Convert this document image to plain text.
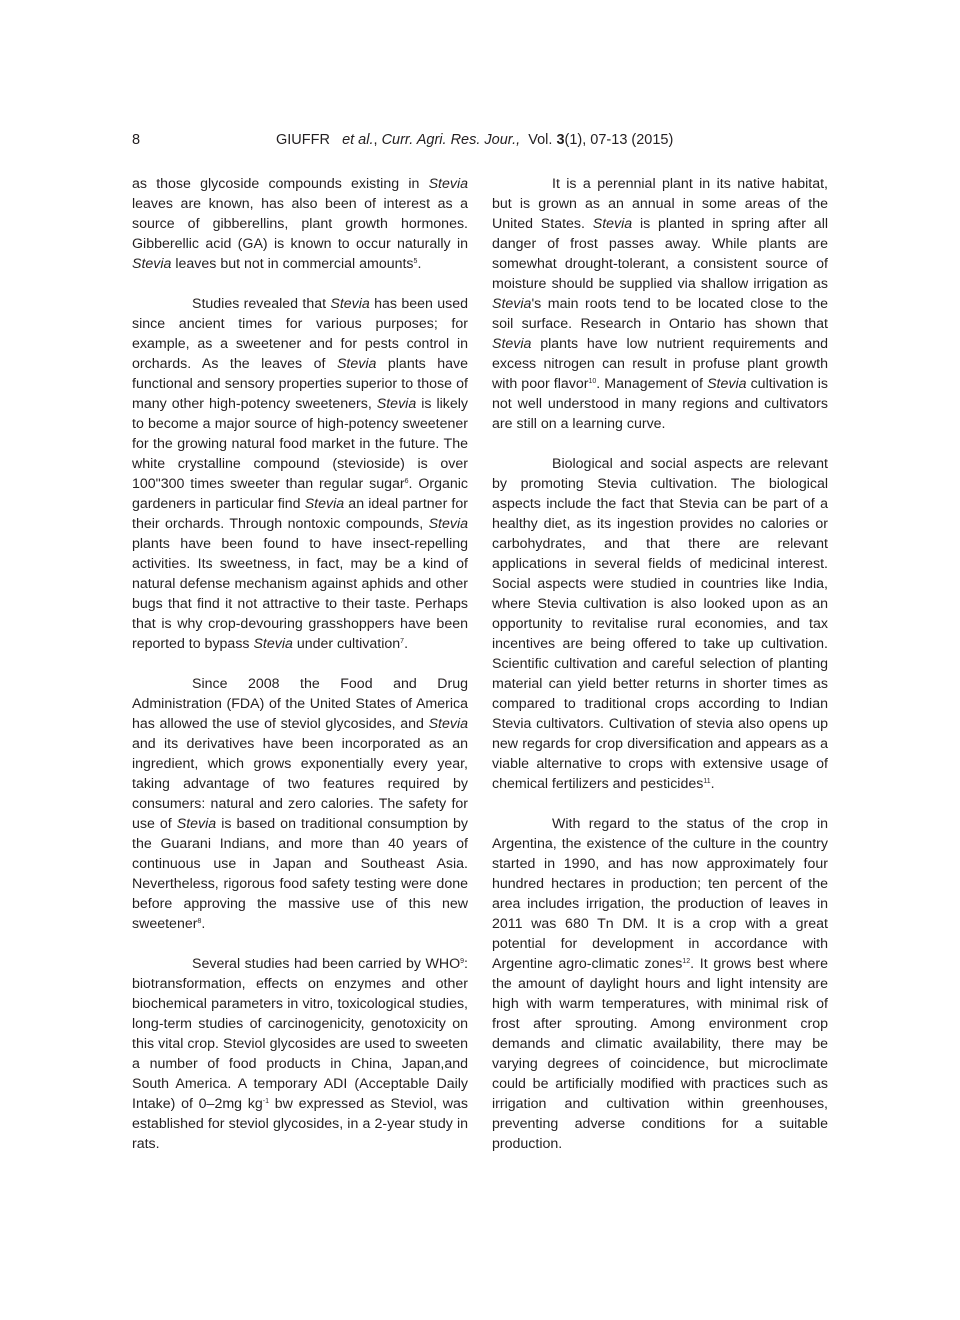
8	GIUFFR et al., Curr. Agri. Res. Jour., Vol. 3(1), 07-13 (2015)

as those glycoside compounds existing in Stevia leaves are known, has also been of interest as a source of gibberellins, plant growth hormones. Gibberellic acid (GA) is known to occur naturally in Stevia leaves but not in commercial amounts$^5$.

Studies revealed that Stevia has been used since ancient times for various purposes; for example, as a sweetener and for pests control in orchards. As the leaves of Stevia plants have functional and sensory properties superior to those of many other high-potency sweeteners, Stevia is likely to become a major source of high-potency sweetener for the growing natural food market in the future. The white crystalline compound (stevioside) is over 100"300 times sweeter than regular sugar$^6$. Organic gardeners in particular find Stevia an ideal partner for their orchards. Through nontoxic compounds, Stevia plants have been found to have insect-repelling activities. Its sweetness, in fact, may be a kind of natural defense mechanism against aphids and other bugs that find it not attractive to their taste. Perhaps that is why crop-devouring grasshoppers have been reported to bypass Stevia under cultivation$^7$.

Since 2008 the Food and Drug Administration (FDA) of the United States of America has allowed the use of steviol glycosides, and Stevia and its derivatives have been incorporated as an ingredient, which grows exponentially every year, taking advantage of two features required by consumers: natural and zero calories. The safety for use of Stevia is based on traditional consumption by the Guarani Indians, and more than 40 years of continuous use in Japan and Southeast Asia. Nevertheless, rigorous food safety testing were done before approving the massive use of this new sweetener$^8$.

Several studies had been carried by WHO$^9$: biotransformation, effects on enzymes and other biochemical parameters in vitro, toxicological studies, long-term studies of carcinogenicity, genotoxicity on this vital crop. Steviol glycosides are used to sweeten a number of food products in China, Japan,and South America. A temporary ADI (Acceptable Daily Intake) of 0–2mg $kg^{-1}$ bw expressed as Steviol, was established for steviol glycosides, in a 2-year study in rats.

It is a perennial plant in its native habitat, but is grown as an annual in some areas of the United States. Stevia is planted in spring after all danger of frost passes away. While plants are somewhat drought-tolerant, a consistent source of moisture should be supplied via shallow irrigation as Stevia's main roots tend to be located close to the soil surface. Research in Ontario has shown that Stevia plants have low nutrient requirements and excess nitrogen can result in profuse plant growth with poor flavor$^{10}$. Management of Stevia cultivation is not well understood in many regions and cultivators are still on a learning curve.

Biological and social aspects are relevant by promoting Stevia cultivation. The biological aspects include the fact that Stevia can be part of a healthy diet, as its ingestion provides no calories or carbohydrates, and that there are relevant applications in several fields of medicinal interest. Social aspects were studied in countries like India, where Stevia cultivation is also looked upon as an opportunity to revitalise rural economies, and tax incentives are being offered to take up cultivation. Scientific cultivation and careful selection of planting material can yield better returns in shorter times as compared to traditional crops according to Indian Stevia cultivators. Cultivation of stevia also opens up new regards for crop diversification and appears as a viable alternative to crops with extensive usage of chemical fertilizers and pesticides$^{11}$.

With regard to the status of the crop in Argentina, the existence of the culture in the country started in 1990, and has now approximately four hundred hectares in production; ten percent of the area includes irrigation, the production of leaves in 2011 was 680 Tn DM. It is a crop with a great potential for development in accordance with Argentine agro-climatic zones$^{12}$. It grows best where the amount of daylight hours and light intensity are high with warm temperatures, with minimal risk of frost after sprouting. Among environment crop demands and climatic availability, there may be varying degrees of coincidence, but microclimate could be artificially modified with practices such as irrigation and cultivation within greenhouses, preventing adverse conditions for a suitable production.
